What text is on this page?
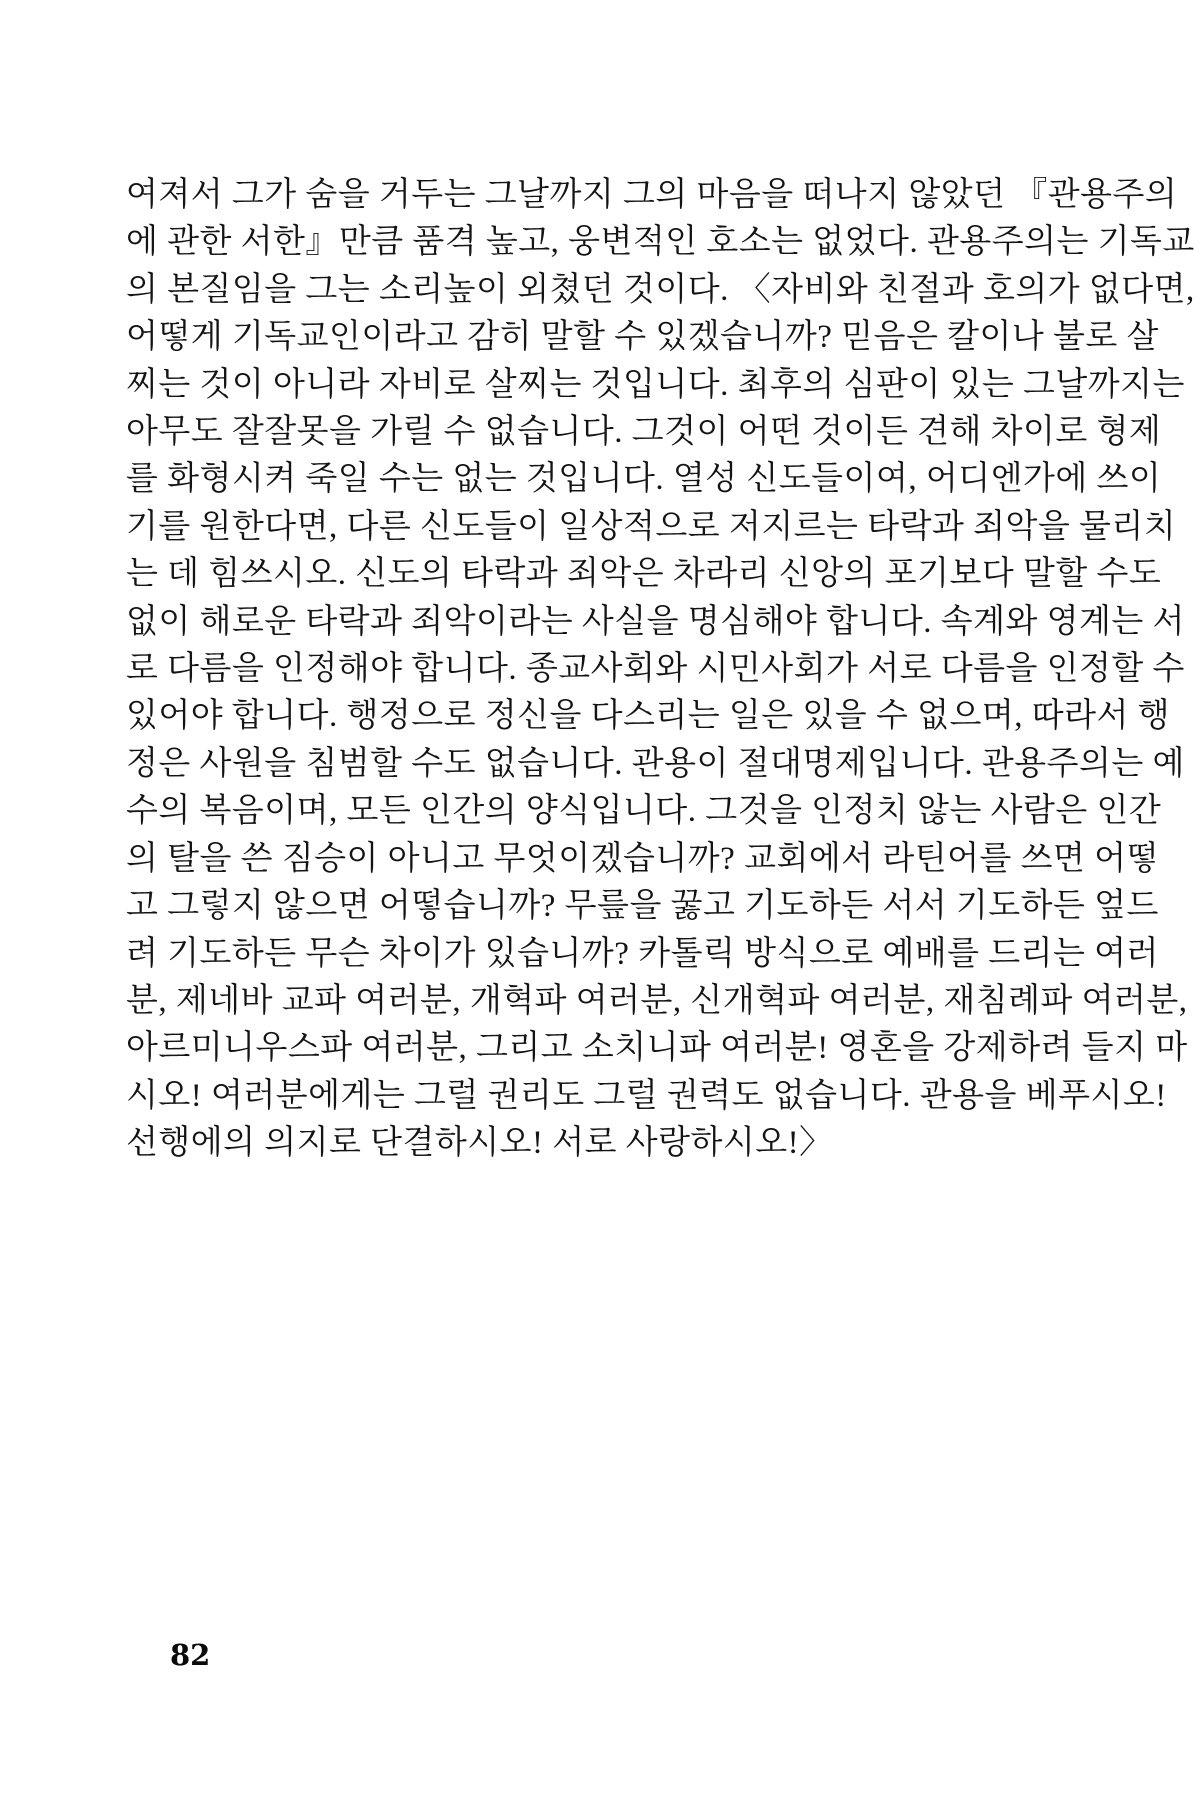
여져서 그가 숨을 거두는 그날까지 그의 마음을 떠나지 않았던 『관용주의
에 관한 서한』만큼 품격 높고, 웅변적인 호소는 없었다. 관용주의는 기독교
의 본질임을 그는 소리높이 외쳤던 것이다. 〈자비와 친절과 호의가 없다면,
어떻게 기독교인이라고 감히 말할 수 있겠습니까? 믿음은 칼이나 불로 살
찌는 것이 아니라 자비로 살찌는 것입니다. 최후의 심판이 있는 그날까지는
아무도 잘잘못을 가릴 수 없습니다. 그것이 어떤 것이든 견해 차이로 형제
를 화형시켜 죽일 수는 없는 것입니다. 열성 신도들이여, 어디엔가에 쓰이
기를 원한다면, 다른 신도들이 일상적으로 저지르는 타락과 죄악을 물리치
는 데 힘쓰시오. 신도의 타락과 죄악은 차라리 신앙의 포기보다 말할 수도
없이 해로운 타락과 죄악이라는 사실을 명심해야 합니다. 속계와 영계는 서
로 다름을 인정해야 합니다. 종교사회와 시민사회가 서로 다름을 인정할 수
있어야 합니다. 행정으로 정신을 다스리는 일은 있을 수 없으며, 따라서 행
정은 사원을 침범할 수도 없습니다. 관용이 절대명제입니다. 관용주의는 예
수의 복음이며, 모든 인간의 양식입니다. 그것을 인정치 않는 사람은 인간
의 탈을 쓴 짐승이 아니고 무엇이겠습니까? 교회에서 라틴어를 쓰면 어떻
고 그렇지 않으면 어떻습니까? 무릎을 꿇고 기도하든 서서 기도하든 엎드
려 기도하든 무슨 차이가 있습니까? 카톨릭 방식으로 예배를 드리는 여러
분, 제네바 교파 여러분, 개혁파 여러분, 신개혁파 여러분, 재침례파 여러분,
아르미니우스파 여러분, 그리고 소치니파 여러분! 영혼을 강제하려 들지 마
시오! 여러분에게는 그럴 권리도 그럴 권력도 없습니다. 관용을 베푸시오!
선행에의 의지로 단결하시오! 서로 사랑하시오!〉
82
